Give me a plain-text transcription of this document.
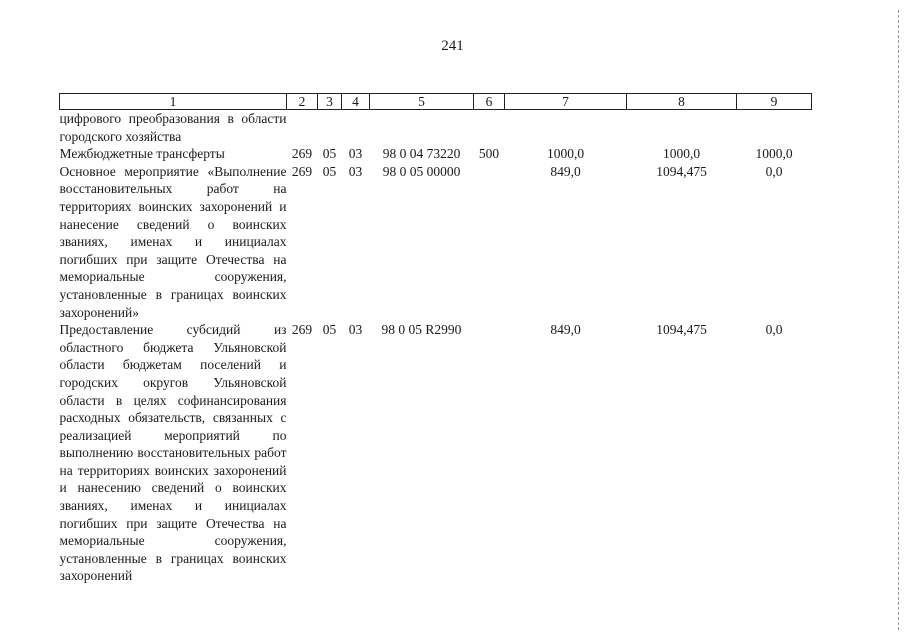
241
1	2	3	4	5	6	7	8	9
цифрового преобразования в области городского хозяйства								
Межбюджетные трансферты	269	05	03	98 0 04 73220	500	1000,0	1000,0	1000,0
Основное мероприятие «Выполнение восстановительных работ на территориях воинских захоронений и нанесение сведений о воинских званиях, именах и инициалах погибших при защите Отечества на мемориальные сооружения, установленные в границах воинских захоронений»	269	05	03	98 0 05 00000		849,0	1094,475	0,0
Предоставление субсидий из областного бюджета Ульяновской области бюджетам поселений и городских округов Ульяновской области в целях софинансирования расходных обязательств, связанных с реализацией мероприятий по выполнению восстановительных работ на территориях воинских захоронений и нанесению сведений о воинских званиях, именах и инициалах погибших при защите Отечества на мемориальные сооружения, установленные в границах воинских захоронений	269	05	03	98 0 05 R2990		849,0	1094,475	0,0
